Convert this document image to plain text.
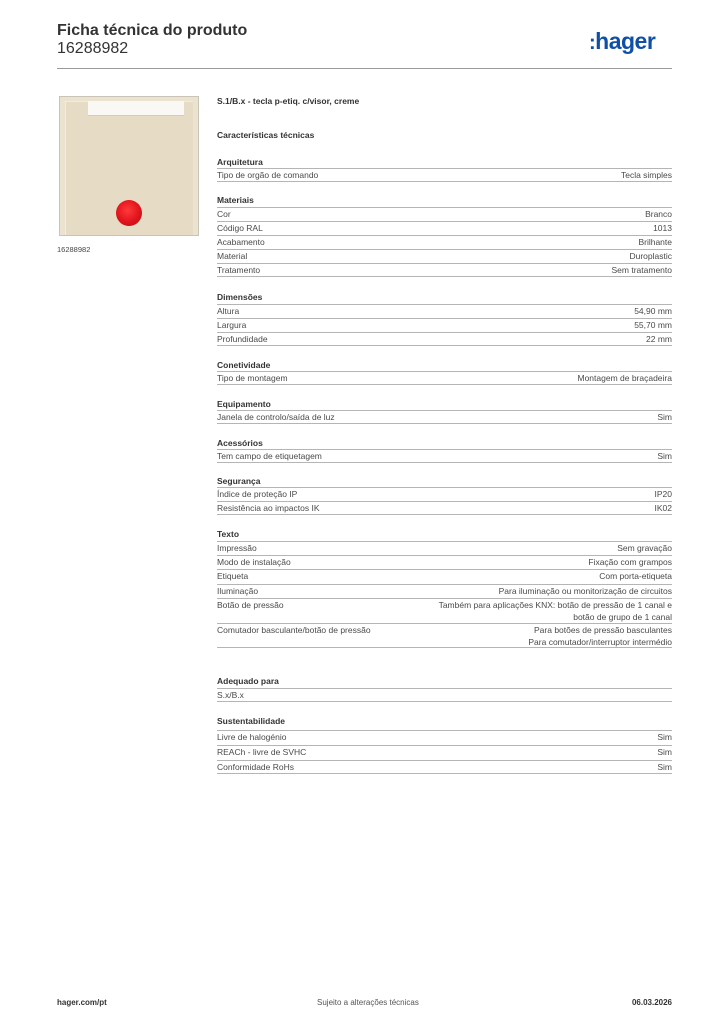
Ficha técnica do produto
16288982	:hager
16288982
S.1/B.x - tecla p-etiq. c/visor, creme
Características técnicas
Arquitetura
Tipo de orgão de comando	Tecla simples
Materiais
Cor	Branco
Código RAL	1013
Acabamento	Brilhante
Material	Duroplastic
Tratamento	Sem tratamento
Dimensões
Altura	54,90 mm
Largura	55,70 mm
Profundidade	22 mm
Conetividade
Tipo de montagem	Montagem de braçadeira
Equipamento
Janela de controlo/saída de luz	Sim
Acessórios
Tem campo de etiquetagem	Sim
Segurança
Índice de proteção IP	IP20
Resistência ao impactos IK	IK02
Texto
Impressão	Sem gravação
Modo de instalação	Fixação com grampos
Etiqueta	Com porta-etiqueta
Iluminação	Para iluminação ou monitorização de circuitos
Botão de pressão	Também para aplicações KNX: botão de pressão de 1 canal e
botão de grupo de 1 canal
Comutador basculante/botão de pressão	Para botões de pressão basculantes
Para comutador/interruptor intermédio
Adequado para
S.x/B.x
Sustentabilidade
Livre de halogénio	Sim
REACh - livre de SVHC	Sim
Conformidade RoHs	Sim
hager.com/pt	Sujeito a alterações técnicas	06.03.2026
